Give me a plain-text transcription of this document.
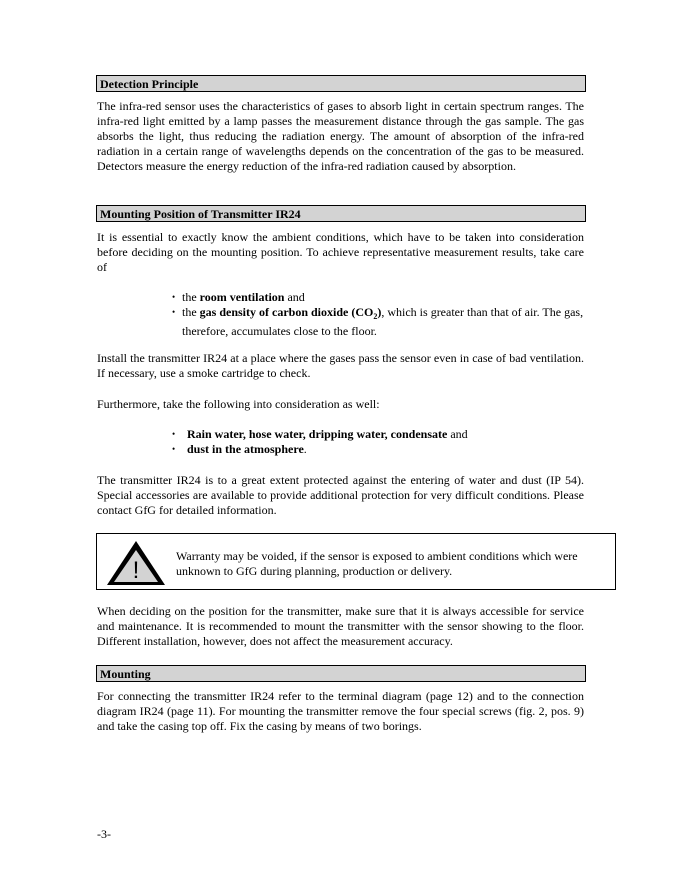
Detection Principle

The infra-red sensor uses the characteristics of gases to absorb light in certain spectrum ranges. The infra-red light emitted by a lamp passes the measurement distance through the gas sample. The gas absorbs the light, thus reducing the radiation energy. The amount of absorption of the infra-red radiation in a certain range of wavelengths depends on the concentration of the gas to be measured. Detectors measure the energy reduction of the infra-red radiation caused by absorption.

Mounting Position of Transmitter IR24

It is essential to exactly know the ambient conditions, which have to be taken into consideration before deciding on the mounting position. To achieve representative measurement results, take care of

• the room ventilation and
• the gas density of carbon dioxide $(CO_2)$, which is greater than that of air. The gas, therefore, accumulates close to the floor.

Install the transmitter IR24 at a place where the gases pass the sensor even in case of bad ventilation. If necessary, use a smoke cartridge to check.

Furthermore, take the following into consideration as well:

• Rain water, hose water, dripping water, condensate and
• dust in the atmosphere.

The transmitter IR24 is to a great extent protected against the entering of water and dust (IP 54). Special accessories are available to provide additional protection for very difficult conditions. Please contact GfG for detailed information.

!
Warranty may be voided, if the sensor is exposed to ambient conditions which were unknown to GfG during planning, production or delivery.

When deciding on the position for the transmitter, make sure that it is always accessible for service and maintenance. It is recommended to mount the transmitter with the sensor showing to the floor. Different installation, however, does not affect the measurement accuracy.

Mounting

For connecting the transmitter IR24 refer to the terminal diagram (page 12) and to the connection diagram IR24 (page 11). For mounting the transmitter remove the four special screws (fig. 2, pos. 9) and take the casing top off. Fix the casing by means of two borings.

-3-
